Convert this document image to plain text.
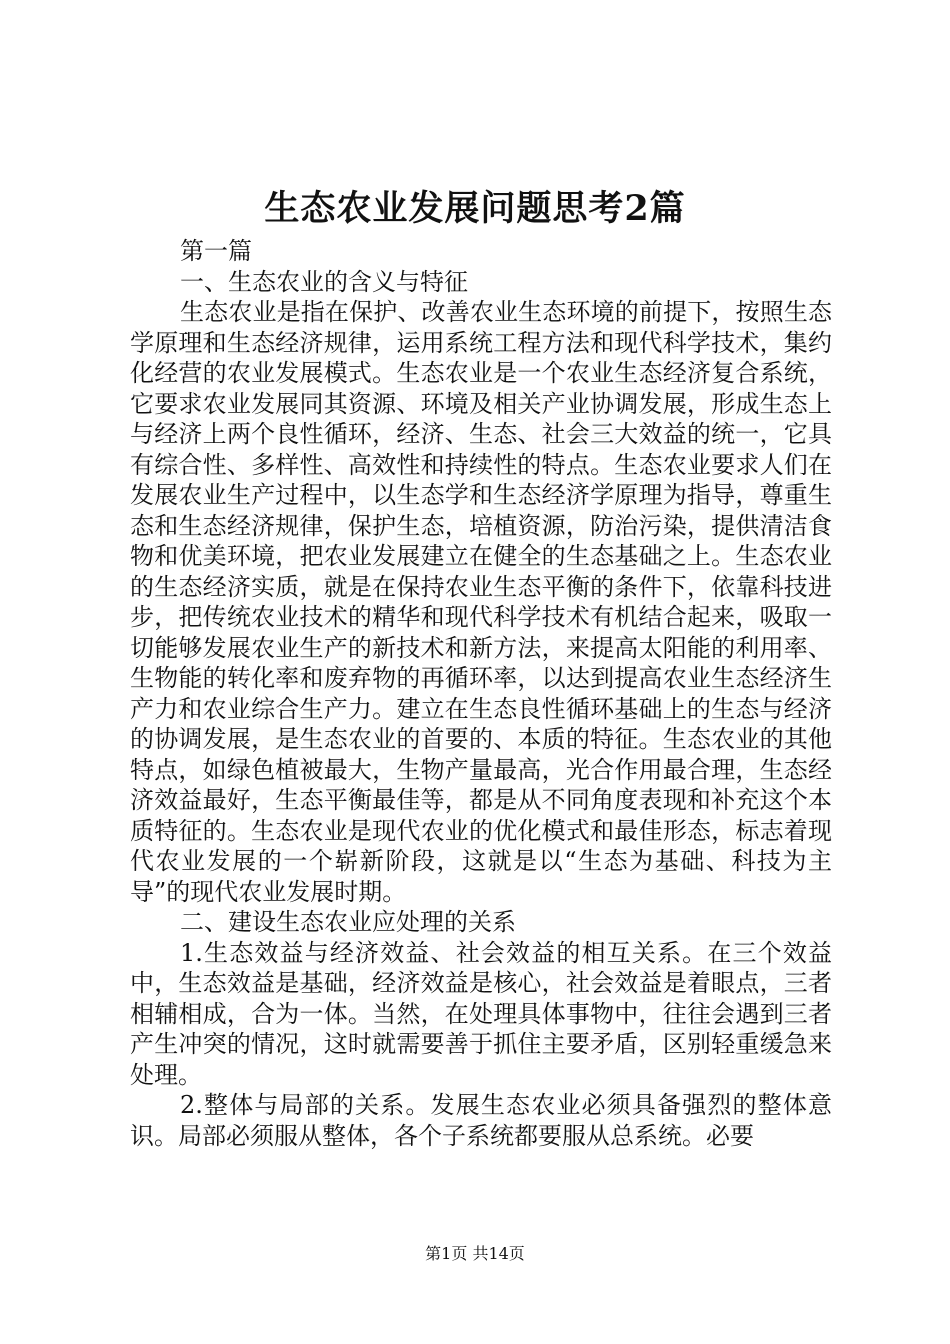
生态农业发展问题思考2篇

第一篇

一、生态农业的含义与特征

生态农业是指在保护、改善农业生态环境的前提下，按照生态学原理和生态经济规律，运用系统工程方法和现代科学技术，集约化经营的农业发展模式。生态农业是一个农业生态经济复合系统，它要求农业发展同其资源、环境及相关产业协调发展，形成生态上与经济上两个良性循环，经济、生态、社会三大效益的统一，它具有综合性、多样性、高效性和持续性的特点。生态农业要求人们在发展农业生产过程中，以生态学和生态经济学原理为指导，尊重生态和生态经济规律，保护生态，培植资源，防治污染，提供清洁食物和优美环境，把农业发展建立在健全的生态基础之上。生态农业的生态经济实质，就是在保持农业生态平衡的条件下，依靠科技进步，把传统农业技术的精华和现代科学技术有机结合起来，吸取一切能够发展农业生产的新技术和新方法，来提高太阳能的利用率、生物能的转化率和废弃物的再循环率，以达到提高农业生态经济生产力和农业综合生产力。建立在生态良性循环基础上的生态与经济的协调发展，是生态农业的首要的、本质的特征。生态农业的其他特点，如绿色植被最大，生物产量最高，光合作用最合理，生态经济效益最好，生态平衡最佳等，都是从不同角度表现和补充这个本质特征的。生态农业是现代农业的优化模式和最佳形态，标志着现代农业发展的一个崭新阶段，这就是以“生态为基础、科技为主导”的现代农业发展时期。

二、建设生态农业应处理的关系

1.生态效益与经济效益、社会效益的相互关系。在三个效益中，生态效益是基础，经济效益是核心，社会效益是着眼点，三者相辅相成，合为一体。当然，在处理具体事物中，往往会遇到三者产生冲突的情况，这时就需要善于抓住主要矛盾，区别轻重缓急来处理。

2.整体与局部的关系。发展生态农业必须具备强烈的整体意识。局部必须服从整体，各个子系统都要服从总系统。必要

第1页 共14页
